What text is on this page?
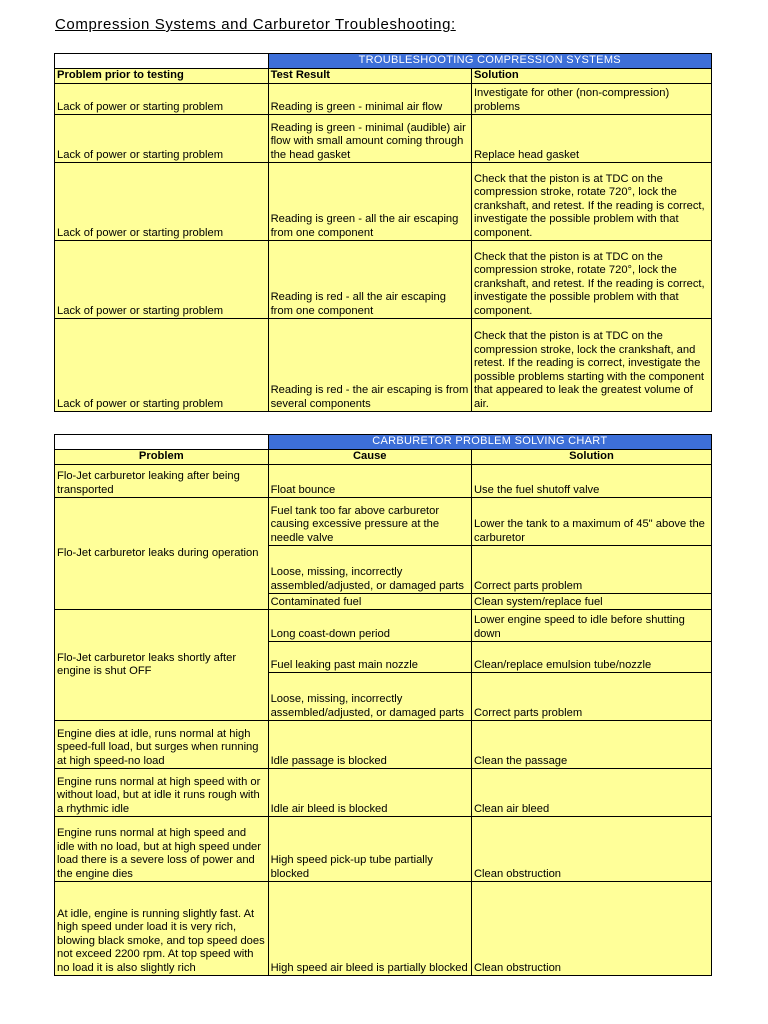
Compression Systems and Carburetor Troubleshooting:
	TROUBLESHOOTING COMPRESSION SYSTEMS	
Problem prior to testing	Test Result	Solution
Lack of power or starting problem	Reading is green - minimal air flow	Investigate for other (non-compression) problems
Lack of power or starting problem	Reading is green - minimal (audible) air flow with small amount coming through the head gasket	Replace head gasket
Lack of power or starting problem	Reading is green - all the air escaping from one component	Check that the piston is at TDC on the compression stroke, rotate 720°, lock the crankshaft, and retest. If the reading is correct, investigate the possible problem with that component.
Lack of power or starting problem	Reading is red - all the air escaping from one component	Check that the piston is at TDC on the compression stroke, rotate 720°, lock the crankshaft, and retest. If the reading is correct, investigate the possible problem with that component.
Lack of power or starting problem	Reading is red - the air escaping is from several components	Check that the piston is at TDC on the compression stroke, lock the crankshaft, and retest. If the reading is correct, investigate the possible problems starting with the component that appeared to leak the greatest volume of air.
	CARBURETOR PROBLEM SOLVING CHART	
Problem	Cause	Solution
Flo-Jet carburetor leaking after being transported	Float bounce	Use the fuel shutoff valve
Flo-Jet carburetor leaks during operation	Fuel tank too far above carburetor causing excessive pressure at the needle valve	Lower the tank to a maximum of 45" above the carburetor
	Loose, missing, incorrectly assembled/adjusted, or damaged parts	Correct parts problem
	Contaminated fuel	Clean system/replace fuel
Flo-Jet carburetor leaks shortly after engine is shut OFF	Long coast-down period	Lower engine speed to idle before shutting down
	Fuel leaking past main nozzle	Clean/replace emulsion tube/nozzle
	Loose, missing, incorrectly assembled/adjusted, or damaged parts	Correct parts problem
Engine dies at idle, runs normal at high speed-full load, but surges when running at high speed-no load	Idle passage is blocked	Clean the passage
Engine runs normal at high speed with or without load, but at idle it runs rough with a rhythmic idle	Idle air bleed is blocked	Clean air bleed
Engine runs normal at high speed and idle with no load, but at high speed under load there is a severe loss of power and the engine dies	High speed pick-up tube partially blocked	Clean obstruction
At idle, engine is running slightly fast. At high speed under load it is very rich, blowing black smoke, and top speed does not exceed 2200 rpm. At top speed with no load it is also slightly rich	High speed air bleed is partially blocked	Clean obstruction
